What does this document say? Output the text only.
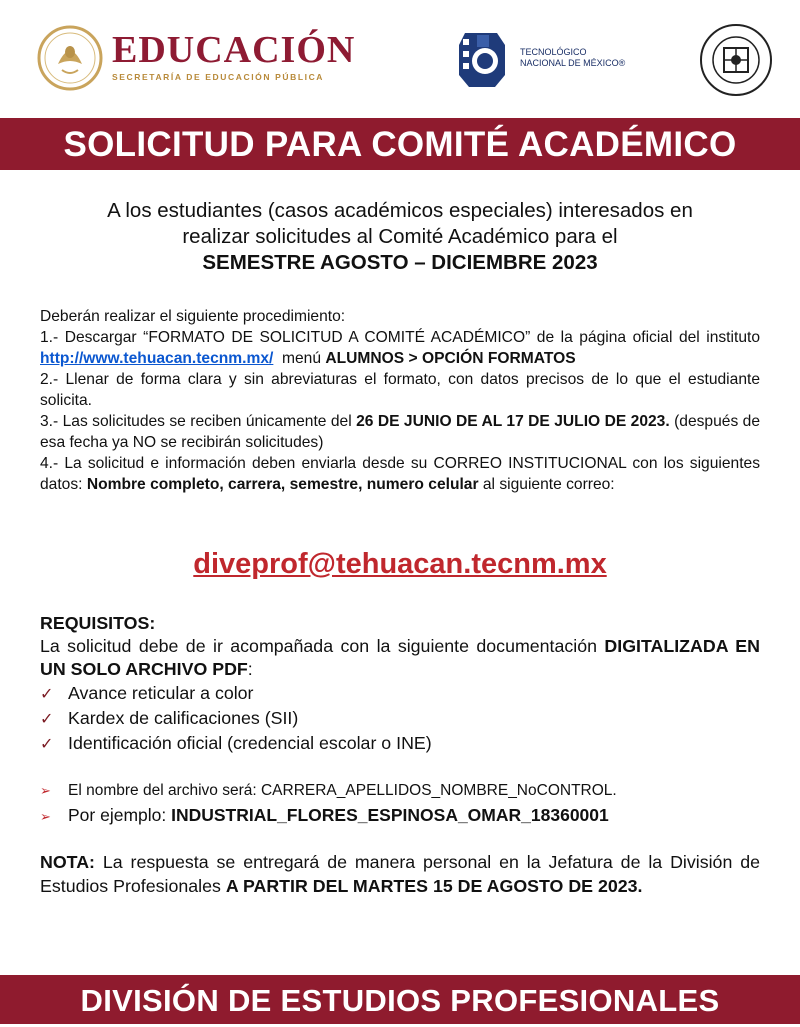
EDUCACIÓN
SECRETARÍA DE EDUCACIÓN PÚBLICA
TECNOLÓGICO
NACIONAL DE MÉXICO®
SOLICITUD PARA COMITÉ ACADÉMICO
A los estudiantes (casos académicos especiales) interesados en
realizar solicitudes al Comité Académico para el
SEMESTRE AGOSTO – DICIEMBRE 2023

Deberán realizar el siguiente procedimiento:

1.- Descargar “FORMATO DE SOLICITUD A COMITÉ ACADÉMICO” de la página oficial del instituto http://www.tehuacan.tecnm.mx/  menú ALUMNOS > OPCIÓN FORMATOS

2.- Llenar de forma clara y sin abreviaturas el formato, con datos precisos de lo que el estudiante solicita.

3.- Las solicitudes se reciben únicamente del 26 DE JUNIO DE AL 17 DE JULIO DE 2023. (después de esa fecha ya NO se recibirán solicitudes)

4.- La solicitud e información deben enviarla desde su CORREO INSTITUCIONAL con los siguientes datos: Nombre completo, carrera, semestre, numero celular al siguiente correo:

diveprof@tehuacan.tecnm.mx
REQUISITOS:
La solicitud debe de ir acompañada con la siguiente documentación DIGITALIZADA EN UN SOLO ARCHIVO PDF:
✓ Avance reticular a color
✓ Kardex de calificaciones (SII)
✓ Identificación oficial (credencial escolar o INE)
➢	El nombre del archivo será: CARRERA_APELLIDOS_NOMBRE_NoCONTROL.
➢ Por ejemplo: INDUSTRIAL_FLORES_ESPINOSA_OMAR_18360001
NOTA: La respuesta se entregará de manera personal en la Jefatura de la División de Estudios Profesionales A PARTIR DEL MARTES 15 DE AGOSTO DE 2023.
DIVISIÓN DE ESTUDIOS PROFESIONALES
